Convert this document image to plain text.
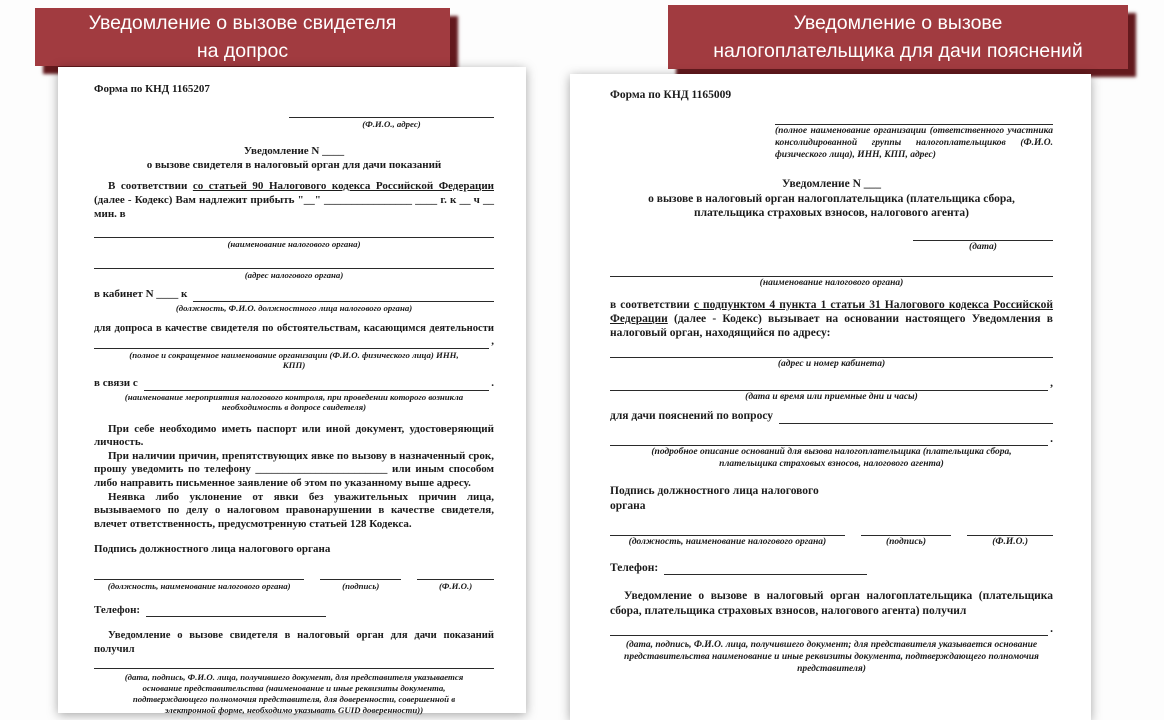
Уведомление о вызове свидетеля
на допрос
Уведомление о вызове
налогоплательщика для дачи пояснений
Форма по КНД 1165207
(Ф.И.О., адрес)
Уведомление N ____
о вызове свидетеля в налоговый орган для дачи показаний

В соответствии со статьей 90 Налогового кодекса Российской Федерации (далее - Кодекс) Вам надлежит прибыть "__" ________________ ____ г. к __ ч __ мин. в

(наименование налогового органа)
(адрес налогового органа)
в кабинет N ____ к
(должность, Ф.И.О. должностного лица налогового органа)
для допроса в качестве свидетеля по обстоятельствам, касающимся деятельности
,
(полное и сокращенное наименование организации (Ф.И.О. физического лица) ИНН, КПП)
в связи с	.
(наименование мероприятия налогового контроля, при проведении которого возникла необходимость в допросе свидетеля)

При себе необходимо иметь паспорт или иной документ, удостоверяющий личность.

При наличии причин, препятствующих явке по вызову в назначенный срок, прошу уведомить по телефону ________________________ или иным способом либо направить письменное заявление об этом по указанному выше адресу.

Неявка либо уклонение от явки без уважительных причин лица, вызываемого по делу о налоговом правонарушении в качестве свидетеля, влечет ответственность, предусмотренную статьей 128 Кодекса.

Подпись должностного лица налогового органа
(должность, наименование налогового органа)	(подпись)	(Ф.И.О.)
Телефон:

Уведомление о вызове свидетеля в налоговый орган для дачи показаний получил

(дата, подпись, Ф.И.О. лица, получившего документ, для представителя указывается основание представительства (наименование и иные реквизиты документа, подтверждающего полномочия представителя, для доверенности, совершенной в электронной форме, необходимо указывать GUID доверенности))
Форма по КНД 1165009
(полное наименование организации (ответственного участника консолидированной группы налогоплательщиков (Ф.И.О. физического лица), ИНН, КПП, адрес)
Уведомление N ___
о вызове в налоговый орган налогоплательщика (плательщика сбора,
плательщика страховых взносов, налогового агента)
(дата)
(наименование налогового органа)

в соответствии с подпунктом 4 пункта 1 статьи 31 Налогового кодекса Российской Федерации (далее - Кодекс) вызывает на основании настоящего Уведомления в налоговый орган, находящийся по адресу:

(адрес и номер кабинета)
,
(дата и время или приемные дни и часы)
для дачи пояснений по вопросу
.
(подробное описание оснований для вызова налогоплательщика (плательщика сбора, плательщика страховых взносов, налогового агента)
Подпись должностного лица налогового органа
(должность, наименование налогового органа)	(подпись)	(Ф.И.О.)
Телефон:

Уведомление о вызове в налоговый орган налогоплательщика (плательщика сбора, плательщика страховых взносов, налогового агента) получил

.
(дата, подпись, Ф.И.О. лица, получившего документ; для представителя указывается основание представительства наименование и иные реквизиты документа, подтверждающего полномочия представителя)
